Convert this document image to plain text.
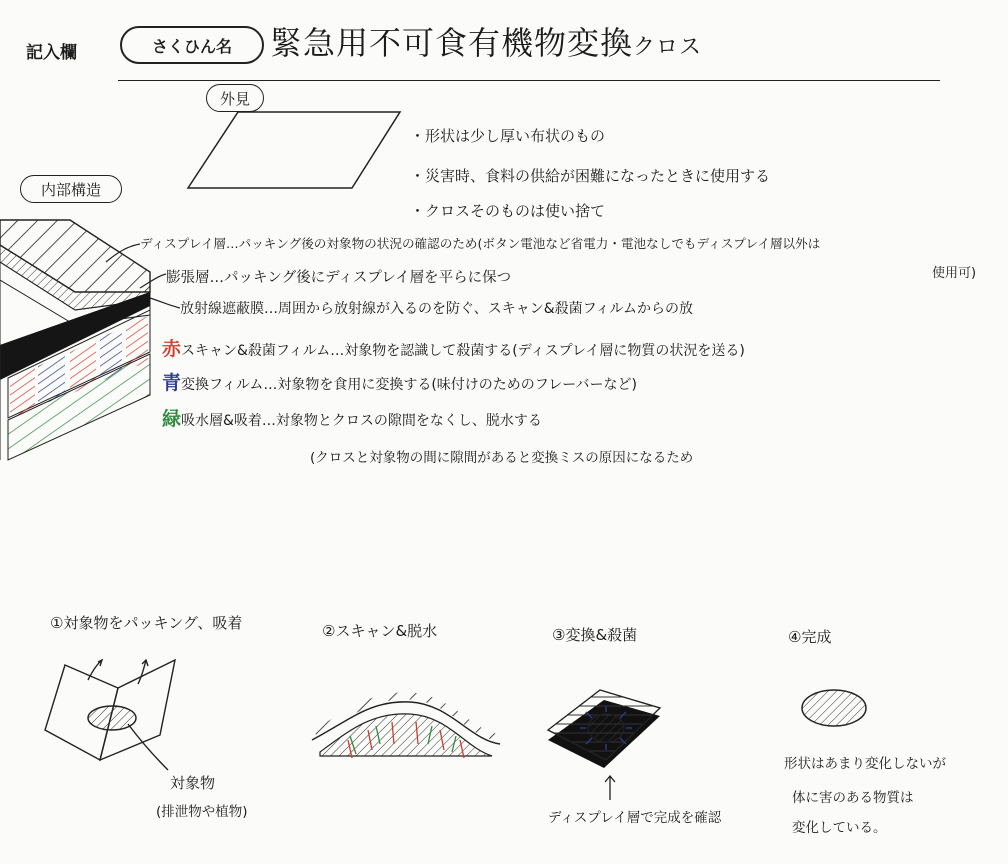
記入欄	さくひん名	緊急用不可食有機物変換クロス
外見
・形状は少し厚い布状のもの
・災害時、食料の供給が困難になったときに使用する
・クロスそのものは使い捨て
内部構造
ディスプレイ層…パッキング後の対象物の状況の確認のため(ボタン電池など省電力・電池なしでもディスプレイ層以外は
使用可)
膨張層…パッキング後にディスプレイ層を平らに保つ
放射線遮蔽膜…周囲から放射線が入るのを防ぐ、スキャン&殺菌フィルムからの放
赤スキャン&殺菌フィルム…対象物を認識して殺菌する(ディスプレイ層に物質の状況を送る)
青変換フィルム…対象物を食用に変換する(味付けのためのフレーバーなど)
緑吸水層&吸着…対象物とクロスの隙間をなくし、脱水する
(クロスと対象物の間に隙間があると変換ミスの原因になるため
①対象物をパッキング、吸着	②スキャン&脱水	③変換&殺菌	④完成
対象物
(排泄物や植物)	ディスプレイ層で完成を確認
形状はあまり変化しないが
体に害のある物質は
変化している。
